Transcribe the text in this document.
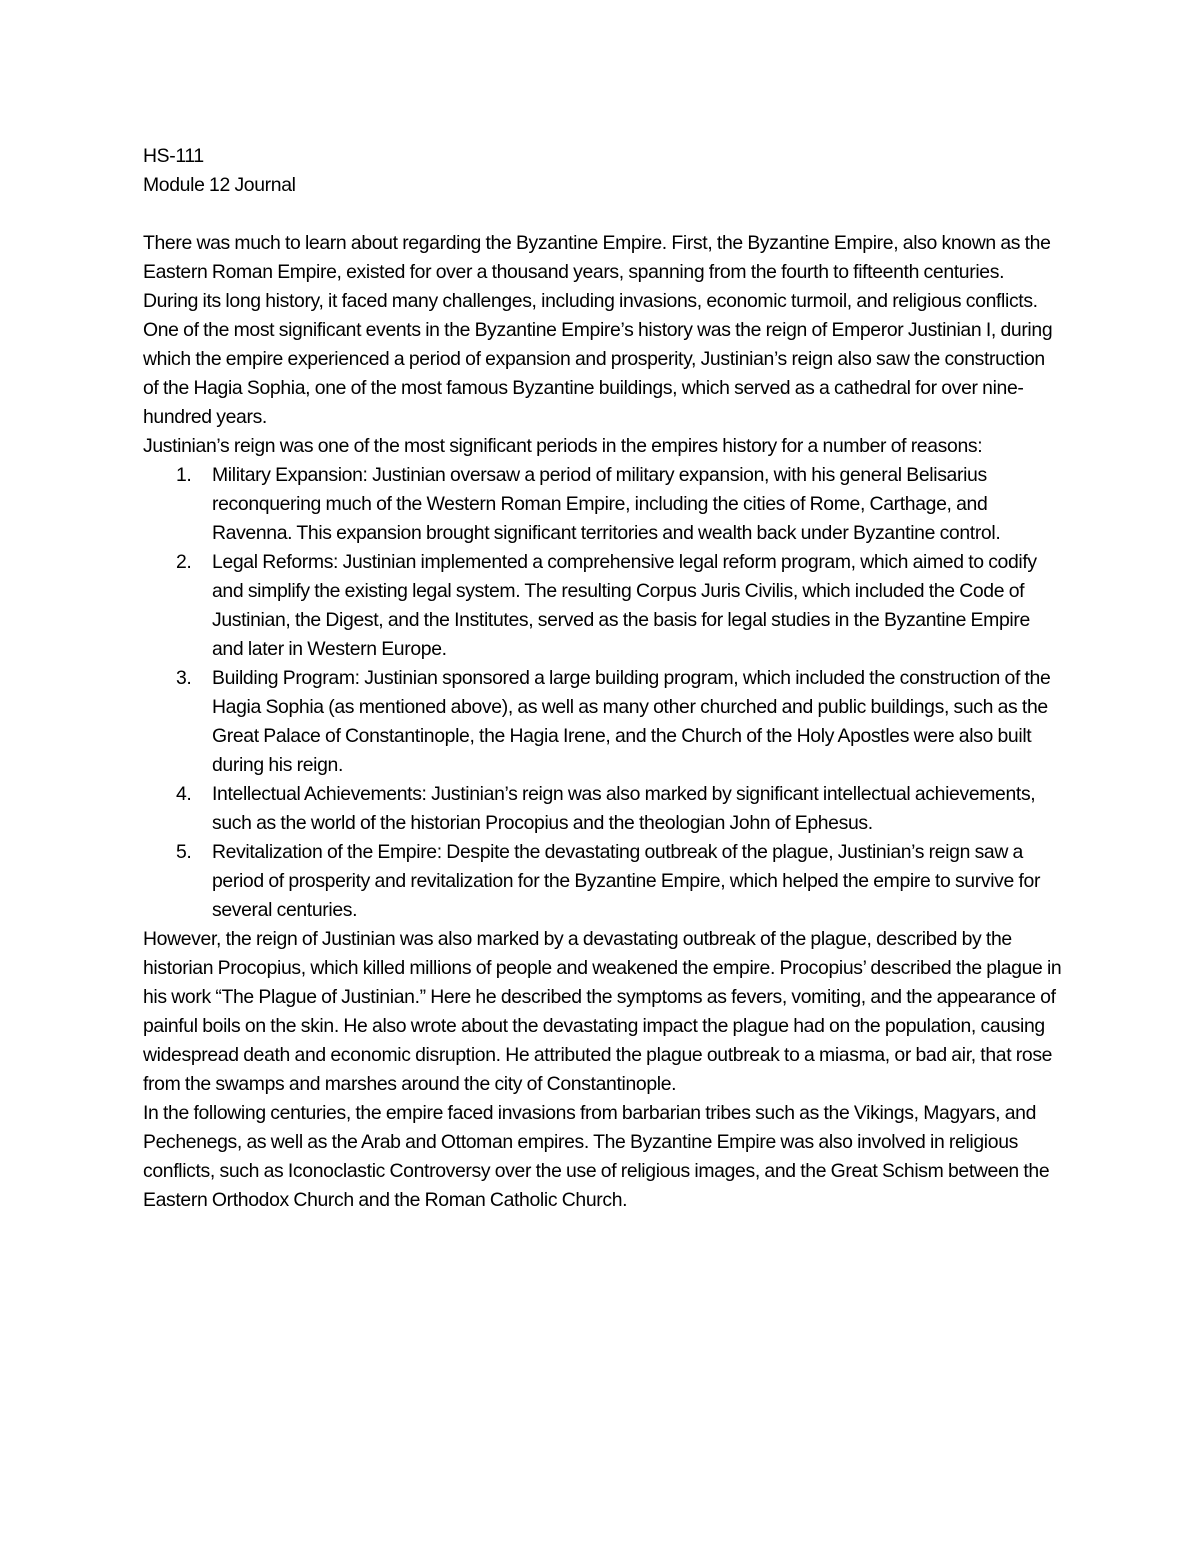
HS-111

Module 12 Journal

There was much to learn about regarding the Byzantine Empire. First, the Byzantine Empire, also known as the Eastern Roman Empire, existed for over a thousand years, spanning from the fourth to fifteenth centuries. During its long history, it faced many challenges, including invasions, economic turmoil, and religious conflicts.

One of the most significant events in the Byzantine Empire’s history was the reign of Emperor Justinian I, during which the empire experienced a period of expansion and prosperity, Justinian’s reign also saw the construction of the Hagia Sophia, one of the most famous Byzantine buildings, which served as a cathedral for over nine-hundred years.

Justinian’s reign was one of the most significant periods in the empires history for a number of reasons:

1. Military Expansion: Justinian oversaw a period of military expansion, with his general Belisarius reconquering much of the Western Roman Empire, including the cities of Rome, Carthage, and Ravenna. This expansion brought significant territories and wealth back under Byzantine control.
2. Legal Reforms: Justinian implemented a comprehensive legal reform program, which aimed to codify and simplify the existing legal system. The resulting Corpus Juris Civilis, which included the Code of Justinian, the Digest, and the Institutes, served as the basis for legal studies in the Byzantine Empire and later in Western Europe.
3. Building Program: Justinian sponsored a large building program, which included the construction of the Hagia Sophia (as mentioned above), as well as many other churched and public buildings, such as the Great Palace of Constantinople, the Hagia Irene, and the Church of the Holy Apostles were also built during his reign.
4. Intellectual Achievements: Justinian’s reign was also marked by significant intellectual achievements, such as the world of the historian Procopius and the theologian John of Ephesus.
5. Revitalization of the Empire: Despite the devastating outbreak of the plague, Justinian’s reign saw a period of prosperity and revitalization for the Byzantine Empire, which helped the empire to survive for several centuries.

However, the reign of Justinian was also marked by a devastating outbreak of the plague, described by the historian Procopius, which killed millions of people and weakened the empire. Procopius’ described the plague in his work “The Plague of Justinian.” Here he described the symptoms as fevers, vomiting, and the appearance of painful boils on the skin. He also wrote about the devastating impact the plague had on the population, causing widespread death and economic disruption. He attributed the plague outbreak to a miasma, or bad air, that rose from the swamps and marshes around the city of Constantinople.

In the following centuries, the empire faced invasions from barbarian tribes such as the Vikings, Magyars, and Pechenegs, as well as the Arab and Ottoman empires. The Byzantine Empire was also involved in religious conflicts, such as Iconoclastic Controversy over the use of religious images, and the Great Schism between the Eastern Orthodox Church and the Roman Catholic Church.
